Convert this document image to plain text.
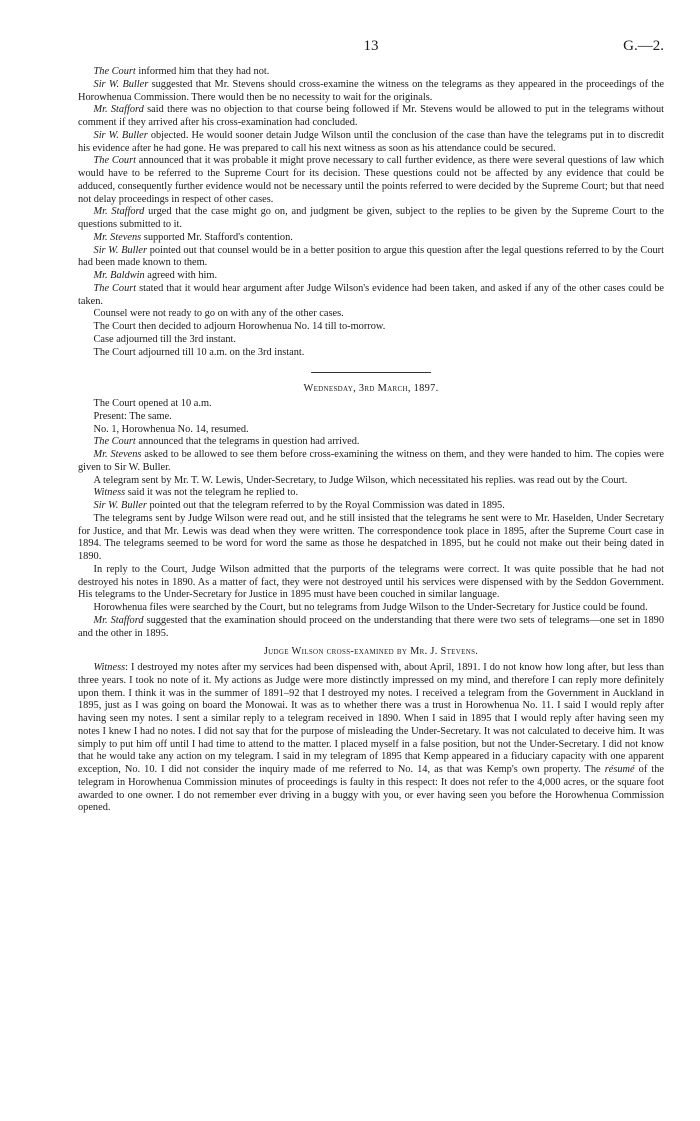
13	G.—2.

The Court informed him that they had not.

Sir W. Buller suggested that Mr. Stevens should cross-examine the witness on the telegrams as they appeared in the proceedings of the Horowhenua Commission. There would then be no necessity to wait for the originals.

Mr. Stafford said there was no objection to that course being followed if Mr. Stevens would be allowed to put in the telegrams without comment if they arrived after his cross-examination had concluded.

Sir W. Buller objected. He would sooner detain Judge Wilson until the conclusion of the case than have the telegrams put in to discredit his evidence after he had gone. He was prepared to call his next witness as soon as his attendance could be secured.

The Court announced that it was probable it might prove necessary to call further evidence, as there were several questions of law which would have to be referred to the Supreme Court for its decision. These questions could not be affected by any evidence that could be adduced, consequently further evidence would not be necessary until the points referred to were decided by the Supreme Court; but that need not delay proceedings in respect of other cases.

Mr. Stafford urged that the case might go on, and judgment be given, subject to the replies to be given by the Supreme Court to the questions submitted to it.

Mr. Stevens supported Mr. Stafford's contention.

Sir W. Buller pointed out that counsel would be in a better position to argue this question after the legal questions referred to by the Court had been made known to them.

Mr. Baldwin agreed with him.

The Court stated that it would hear argument after Judge Wilson's evidence had been taken, and asked if any of the other cases could be taken.

Counsel were not ready to go on with any of the other cases.

The Court then decided to adjourn Horowhenua No. 14 till to-morrow.

Case adjourned till the 3rd instant.

The Court adjourned till 10 a.m. on the 3rd instant.

Wednesday, 3rd March, 1897.

The Court opened at 10 a.m.

Present: The same.

No. 1, Horowhenua No. 14, resumed.

The Court announced that the telegrams in question had arrived.

Mr. Stevens asked to be allowed to see them before cross-examining the witness on them, and they were handed to him. The copies were given to Sir W. Buller.

A telegram sent by Mr. T. W. Lewis, Under-Secretary, to Judge Wilson, which necessitated his replies. was read out by the Court.

Witness said it was not the telegram he replied to.

Sir W. Buller pointed out that the telegram referred to by the Royal Commission was dated in 1895.

The telegrams sent by Judge Wilson were read out, and he still insisted that the telegrams he sent were to Mr. Haselden, Under Secretary for Justice, and that Mr. Lewis was dead when they were written. The correspondence took place in 1895, after the Supreme Court case in 1894. The telegrams seemed to be word for word the same as those he despatched in 1895, but he could not make out their being dated in 1890.

In reply to the Court, Judge Wilson admitted that the purports of the telegrams were correct. It was quite possible that he had not destroyed his notes in 1890. As a matter of fact, they were not destroyed until his services were dispensed with by the Seddon Government. His telegrams to the Under-Secretary for Justice in 1895 must have been couched in similar language.

Horowhenua files were searched by the Court, but no telegrams from Judge Wilson to the Under-Secretary for Justice could be found.

Mr. Stafford suggested that the examination should proceed on the understanding that there were two sets of telegrams—one set in 1890 and the other in 1895.

Judge Wilson cross-examined by Mr. J. Stevens.

Witness: I destroyed my notes after my services had been dispensed with, about April, 1891. I do not know how long after, but less than three years. I took no note of it. My actions as Judge were more distinctly impressed on my mind, and therefore I can reply more definitely upon them. I think it was in the summer of 1891–92 that I destroyed my notes. I received a telegram from the Government in Auckland in 1895, just as I was going on board the Monowai. It was as to whether there was a trust in Horowhenua No. 11. I said I would reply after having seen my notes. I sent a similar reply to a telegram received in 1890. When I said in 1895 that I would reply after having seen my notes I knew I had no notes. I did not say that for the purpose of misleading the Under-Secretary. It was not calculated to deceive him. It was simply to put him off until I had time to attend to the matter. I placed myself in a false position, but not the Under-Secretary. I did not know that he would take any action on my telegram. I said in my telegram of 1895 that Kemp appeared in a fiduciary capacity with one apparent exception, No. 10. I did not consider the inquiry made of me referred to No. 14, as that was Kemp's own property. The résumé of the telegram in Horowhenua Commission minutes of proceedings is faulty in this respect: It does not refer to the 4,000 acres, or the square foot awarded to one owner. I do not remember ever driving in a buggy with you, or ever having seen you before the Horowhenua Commission opened.
